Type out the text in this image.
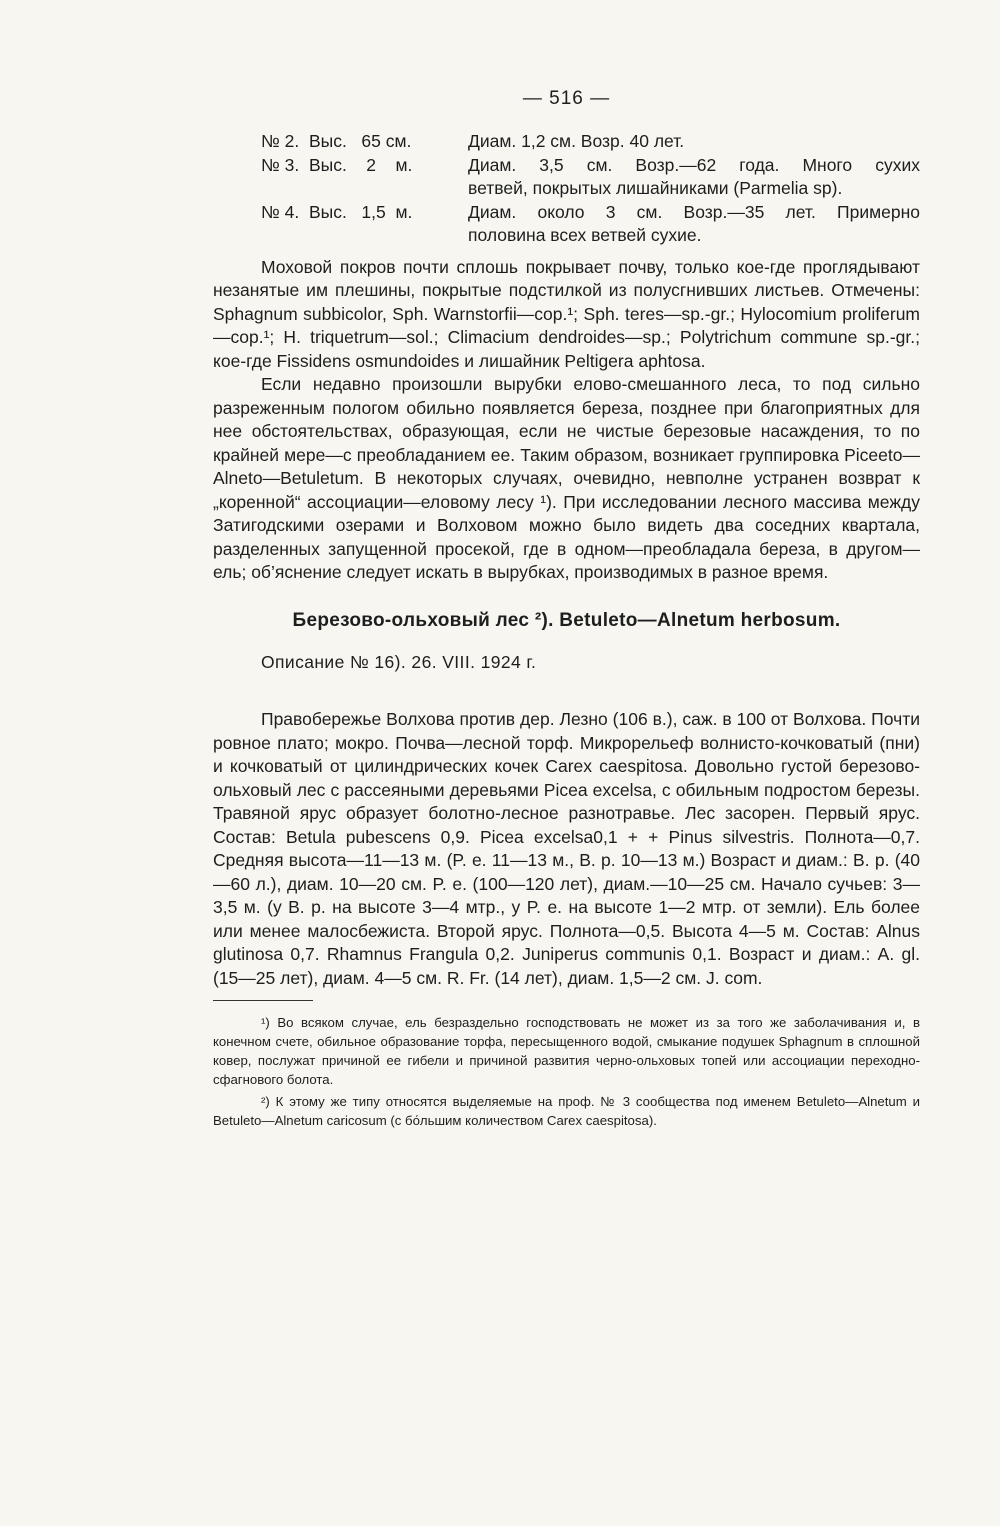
— 516 —
№ 2.  Выс.   65 см.	Диам. 1,2 см. Возр. 40 лет.
№ 3.  Выс.    2    м.	Диам. 3,5 см. Возр.—62 года. Много сухих
ветвей, покрытых лишайниками (Parmelia sp).
№ 4.  Выс.   1,5  м.	Диам. около 3 см. Возр.—35 лет. Примерно
половина всех ветвей сухие.

Моховой покров почти сплошь покрывает почву, только кое-где проглядывают незанятые им плешины, покрытые подстилкой из полусгнивших листьев. Отмечены: Sphagnum subbicolor, Sph. Warnstorfii—cop.¹; Sph. teres—sp.-gr.; Hylocomium proliferum—cop.¹; H. triquetrum—sol.; Climacium dendroides—sp.; Polytrichum commune sp.-gr.; кое-где Fissidens osmundoides и лишайник Peltigera aphtosa.

Если недавно произошли вырубки елово-смешанного леса, то под сильно разреженным пологом обильно появляется береза, позднее при благоприятных для нее обстоятельствах, образующая, если не чистые березовые насаждения, то по крайней мере—с преобладанием ее. Таким образом, возникает группировка Piceeto—Alneto—Betuletum. В некоторых случаях, очевидно, невполне устранен возврат к „коренной“ ассоциации—еловому лесу ¹). При исследовании лесного массива между Затигодскими озерами и Волховом можно было видеть два соседних квартала, разделенных запущенной просекой, где в одном—преобладала береза, в другом—ель; об’яснение следует искать в вырубках, производимых в разное время.

Березово-ольховый лес ²). Betuleto—Alnetum herbosum.
Описание № 16). 26. VIII. 1924 г.

Правобережье Волхова против дер. Лезно (106 в.), саж. в 100 от Волхова. Почти ровное плато; мокро. Почва—лесной торф. Микрорельеф волнисто-кочковатый (пни) и кочковатый от цилиндрических кочек Carex caespitosa. Довольно густой березово-ольховый лес с рассеяными деревьями Picea excelsa, с обильным подростом березы. Травяной ярус образует болотно-лесное разнотравье. Лес засорен. Первый ярус. Состав: Betula pubescens 0,9. Picea excelsa0,1 + + Pinus silvestris. Полнота—0,7. Средняя высота—11—13 м. (P. e. 11—13 м., B. p. 10—13 м.) Возраст и диам.: B. p. (40—60 л.), диам. 10—20 см. P. e. (100—120 лет), диам.—10—25 см. Начало сучьев: 3—3,5 м. (у B. p. на высоте 3—4 мтр., у P. e. на высоте 1—2 мтр. от земли). Ель более или менее малосбежиста. Второй ярус. Полнота—0,5. Высота 4—5 м. Состав: Alnus glutinosa 0,7. Rhamnus Frangula 0,2. Juniperus communis 0,1. Возраст и диам.: A. gl. (15—25 лет), диам. 4—5 см. R. Fr. (14 лет), диам. 1,5—2 см. J. com.

¹) Во всяком случае, ель безраздельно господствовать не может из за того же заболачивания и, в конечном счете, обильное образование торфа, пересыщенного водой, смыкание подушек Sphagnum в сплошной ковер, послужат причиной ее гибели и причиной развития черно-ольховых топей или ассоциации переходно-сфагнового болота.

²) К этому же типу относятся выделяемые на проф. № 3 сообщества под именем Betuleto—Alnetum и Betuleto—Alnetum caricosum (с бо́льшим количеством Carex caespitosa).
